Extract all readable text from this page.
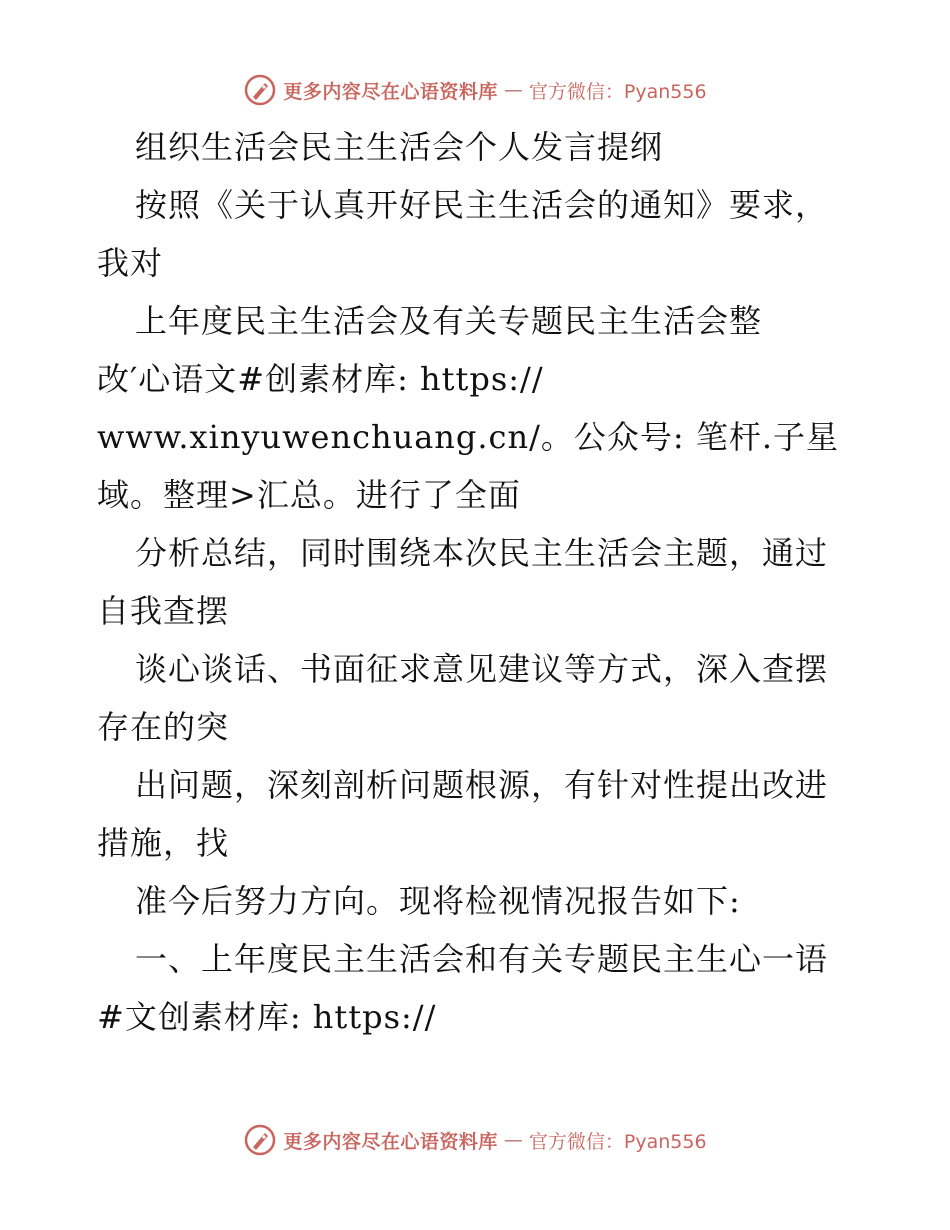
更多内容尽在心语资料库 — 官方微信：Pyan556
组织生活会民主生活会个人发言提纲
按照《关于认真开好民主生活会的通知》要求，
我对
上年度民主生活会及有关专题民主生活会整
改′心语文#创素材库: https://
www.xinyuwenchuang.cn/。公众号: 笔杆.子星
域。整理>汇总。进行了全面
分析总结，同时围绕本次民主生活会主题，通过
自我查摆
谈心谈话、书面征求意见建议等方式，深入查摆
存在的突
出问题，深刻剖析问题根源，有针对性提出改进
措施，找
准今后努力方向。现将检视情况报告如下:
一、上年度民主生活会和有关专题民主生心一语
#文创素材库: https://
更多内容尽在心语资料库 — 官方微信：Pyan556
